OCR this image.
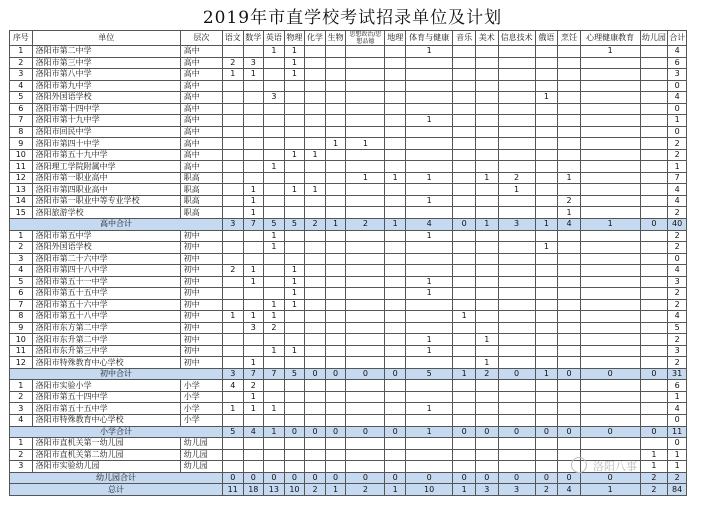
2019年市直学校考试招录单位及计划
序号	单位	层次	语文	数学	英语	物理	化学	生物	思想政治/思想品德	地理	体育与健康	音乐	美术	信息技术	俄语	烹饪	心理健康教育	幼儿园	合计
1	洛阳市第二中学	高中			1	1					1						1		4
2	洛阳市第三中学	高中	2	3		1													6
3	洛阳市第八中学	高中	1	1		1													3
4	洛阳市第九中学	高中																	0
5	洛阳外国语学校	高中			3										1				4
6	洛阳市第十四中学	高中																	0
7	洛阳市第十九中学	高中									1								1
8	洛阳市回民中学	高中																	0
9	洛阳市第四十中学	高中						1	1										2
10	洛阳市第五十九中学	高中				1	1												2
11	洛阳理工学院附属中学	高中			1														1
12	洛阳市第一职业高中	职高							1	1	1		1	2		1			7
13	洛阳市第四职业高中	职高		1		1	1							1					4
14	洛阳市第一职业中等专业学校	职高		1							1					2			4
15	洛阳旅游学校	职高		1												1			2
高中合计			3	7	5	5	2	1	2	1	4	0	1	3	1	4	1	0	40
1	洛阳市第五中学	初中			1						1								2
2	洛阳外国语学校	初中			1										1				2
3	洛阳市第二十六中学	初中																	0
4	洛阳市第四十八中学	初中	2	1		1													4
5	洛阳市第五十一中学	初中		1		1					1								3
6	洛阳市第五十五中学	初中				1					1								2
7	洛阳市第五十六中学	初中			1	1													2
8	洛阳市第五十八中学	初中	1	1	1							1							4
9	洛阳市东方第二中学	初中		3	2														5
10	洛阳市东升第二中学	初中									1		1						2
11	洛阳市东升第三中学	初中			1	1					1								3
12	洛阳市特殊教育中心学校	初中		1									1						2
初中合计			3	7	7	5	0	0	0	0	5	1	2	0	1	0	0	0	31
1	洛阳市实验小学	小学	4	2															6
2	洛阳市第五十四中学	小学		1															1
3	洛阳市第五十五中学	小学	1	1	1						1								4
4	洛阳市特殊教育中心学校	小学																	0
小学合计			5	4	1	0	0	0	0	0	1	0	0	0	0	0	0	0	11
1	洛阳市直机关第一幼儿园	幼儿园																	0
2	洛阳市直机关第二幼儿园	幼儿园																1	1
3	洛阳市实验幼儿园	幼儿园																1	1
幼儿园合计			0	0	0	0	0	0	0	0	0	0	0	0	0	0	0	2	2
总计			11	18	13	10	2	1	2	1	10	1	3	3	2	4	1	2	84
洛阳八事
